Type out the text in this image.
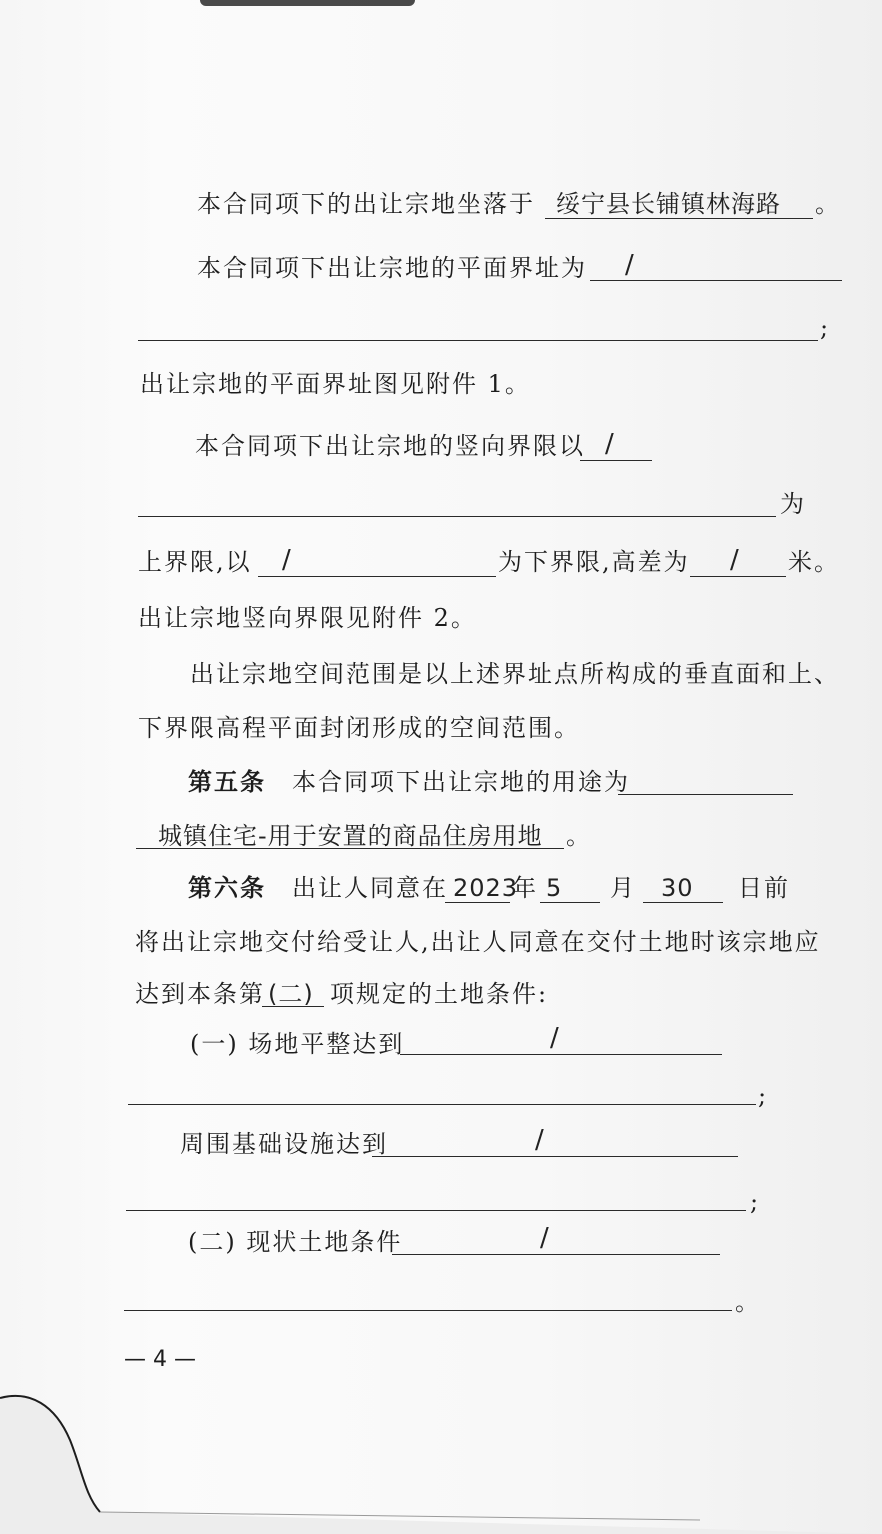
本合同项下的出让宗地坐落于 绥宁县长铺镇林海路 。
本合同项下出让宗地的平面界址为 /
;
出让宗地的平面界址图见附件 1。
本合同项下出让宗地的竖向界限以 /
为
上界限,以 /	为下界限,高差为 / 米。
出让宗地竖向界限见附件 2。
出让宗地空间范围是以上述界址点所构成的垂直面和上、
下界限高程平面封闭形成的空间范围。
第五条 本合同项下出让宗地的用途为
城镇住宅-用于安置的商品住房用地 。
第六条 出让人同意在 2023
年 5 月 30 日前
将出让宗地交付给受让人,出让人同意在交付土地时该宗地应
达到本条第 (二) 项规定的土地条件:
(一) 场地平整达到	/
;
周围基础设施达到	/
;
(二) 现状土地条件	/
。
— 4 —
